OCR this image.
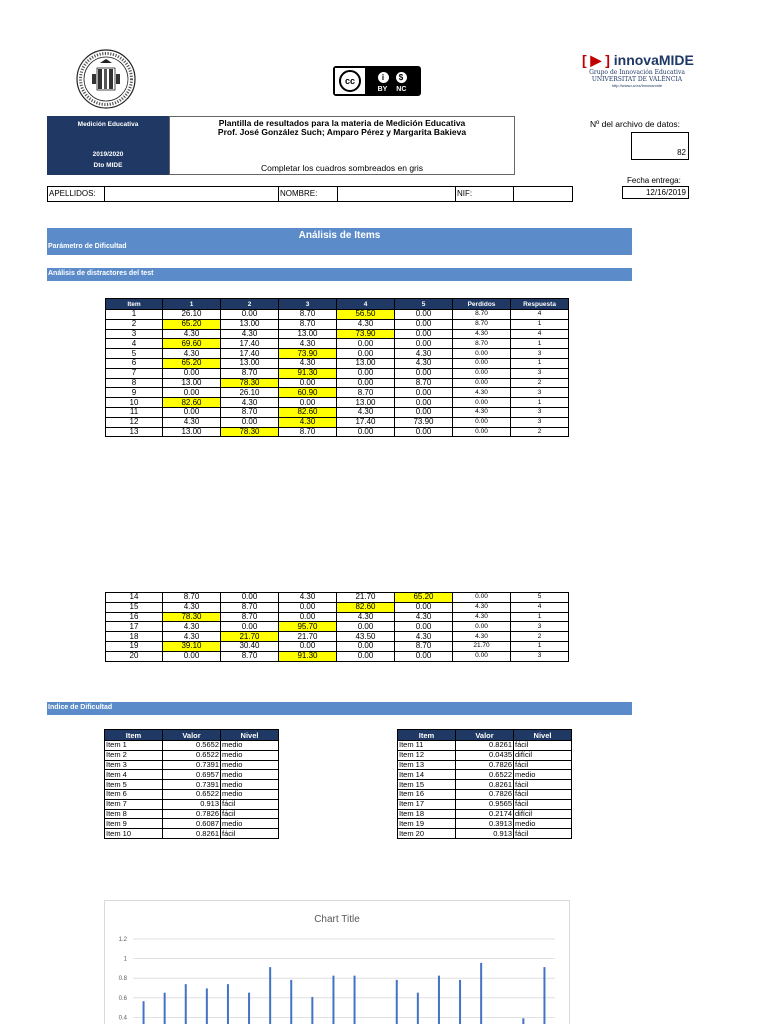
cc	i	$
BY NC
[ ▶ ] innovaMIDE
Grupo de Innovación Educativa
UNIVERSITAT DE VALÈNCIA
http://www.uv.es/innovamide
Medición Educativa
2019/2020
Dto MIDE
Plantilla de resultados para la materia de Medición Educativa
Prof. José González Such; Amparo Pérez y Margarita Bakieva
Completar los cuadros sombreados en gris
Nº del archivo de datos:
82
Fecha entrega:
12/16/2019
APELLIDOS:	NOMBRE:	NIF:
Análisis de Items
Parámetro de Dificultad
Análisis de distractores del test
Item	1	2	3	4	5	Perdidos	Respuesta
1	26.10	0.00	8.70	56.50	0.00	8.70	4
2	65.20	13.00	8.70	4.30	0.00	8.70	1
3	4.30	4.30	13.00	73.90	0.00	4.30	4
4	69.60	17.40	4.30	0.00	0.00	8.70	1
5	4.30	17.40	73.90	0.00	4.30	0.00	3
6	65.20	13.00	4.30	13.00	4.30	0.00	1
7	0.00	8.70	91.30	0.00	0.00	0.00	3
8	13.00	78.30	0.00	0.00	8.70	0.00	2
9	0.00	26.10	60.90	8.70	0.00	4.30	3
10	82.60	4.30	0.00	13.00	0.00	0.00	1
11	0.00	8.70	82.60	4.30	0.00	4.30	3
12	4.30	0.00	4.30	17.40	73.90	0.00	3
13	13.00	78.30	8.70	0.00	0.00	0.00	2
14	8.70	0.00	4.30	21.70	65.20	0.00	5
15	4.30	8.70	0.00	82.60	0.00	4.30	4
16	78.30	8.70	0.00	4.30	4.30	4.30	1
17	4.30	0.00	95.70	0.00	0.00	0.00	3
18	4.30	21.70	21.70	43.50	4.30	4.30	2
19	39.10	30.40	0.00	0.00	8.70	21.70	1
20	0.00	8.70	91.30	0.00	0.00	0.00	3
Indice de Dificultad
Item	Valor	Nivel
Item 1	0.5652	medio
Item 2	0.6522	medio
Item 3	0.7391	medio
Item 4	0.6957	medio
Item 5	0.7391	medio
Item 6	0.6522	medio
Item 7	0.913	fácil
Item 8	0.7826	fácil
Item 9	0.6087	medio
Item 10	0.8261	fácil
Item	Valor	Nivel
Item 11	0.8261	fácil
Item 12	0.0435	difícil
Item 13	0.7826	fácil
Item 14	0.6522	medio
Item 15	0.8261	fácil
Item 16	0.7826	fácil
Item 17	0.9565	fácil
Item 18	0.2174	difícil
Item 19	0.3913	medio
Item 20	0.913	fácil
Chart Title
1.2
1
0.8
0.6
0.4
